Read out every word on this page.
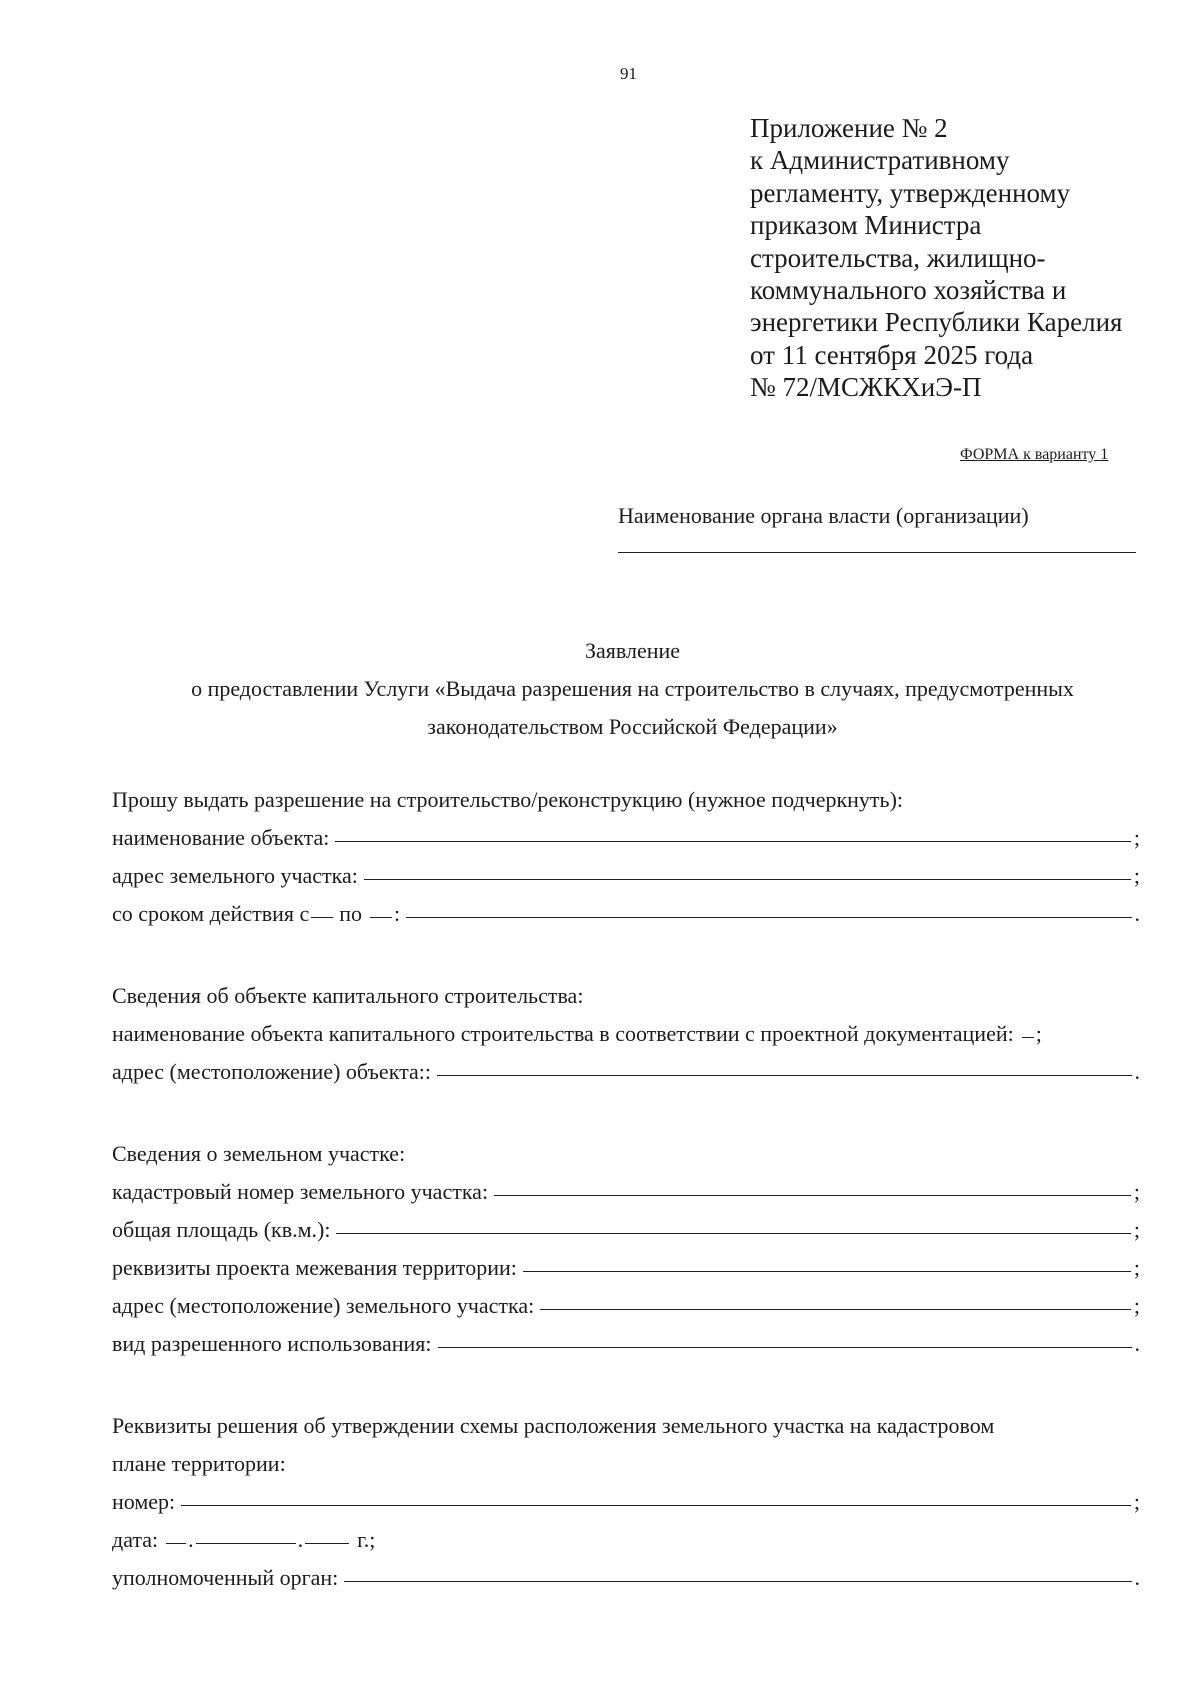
91
Приложение № 2
к Административному
регламенту, утвержденному
приказом Министра
строительства, жилищно-
коммунального хозяйства и
энергетики Республики Карелия
от 11 сентября 2025 года
№ 72/МСЖКХиЭ-П
ФОРМА к варианту 1
Наименование органа власти (организации)
Заявление
о предоставлении Услуги «Выдача разрешения на строительство в случаях, предусмотренных
законодательством Российской Федерации»
Прошу выдать разрешение на строительство/реконструкцию (нужное подчеркнуть):
наименование объекта:	;
адрес земельного участка:	;
со сроком действия с по :	.
Сведения об объекте капитального строительства:
наименование объекта капитального строительства в соответствии с проектной документацией: ;
адрес (местоположение) объекта::	.
Сведения о земельном участке:
кадастровый номер земельного участка:	;
общая площадь (кв.м.):	;
реквизиты проекта межевания территории:	;
адрес (местоположение) земельного участка:	;
вид разрешенного использования:	.
Реквизиты решения об утверждении схемы расположения земельного участка на кадастровом
плане территории:
номер:	;
дата: .	. г.;
уполномоченный орган:	.
